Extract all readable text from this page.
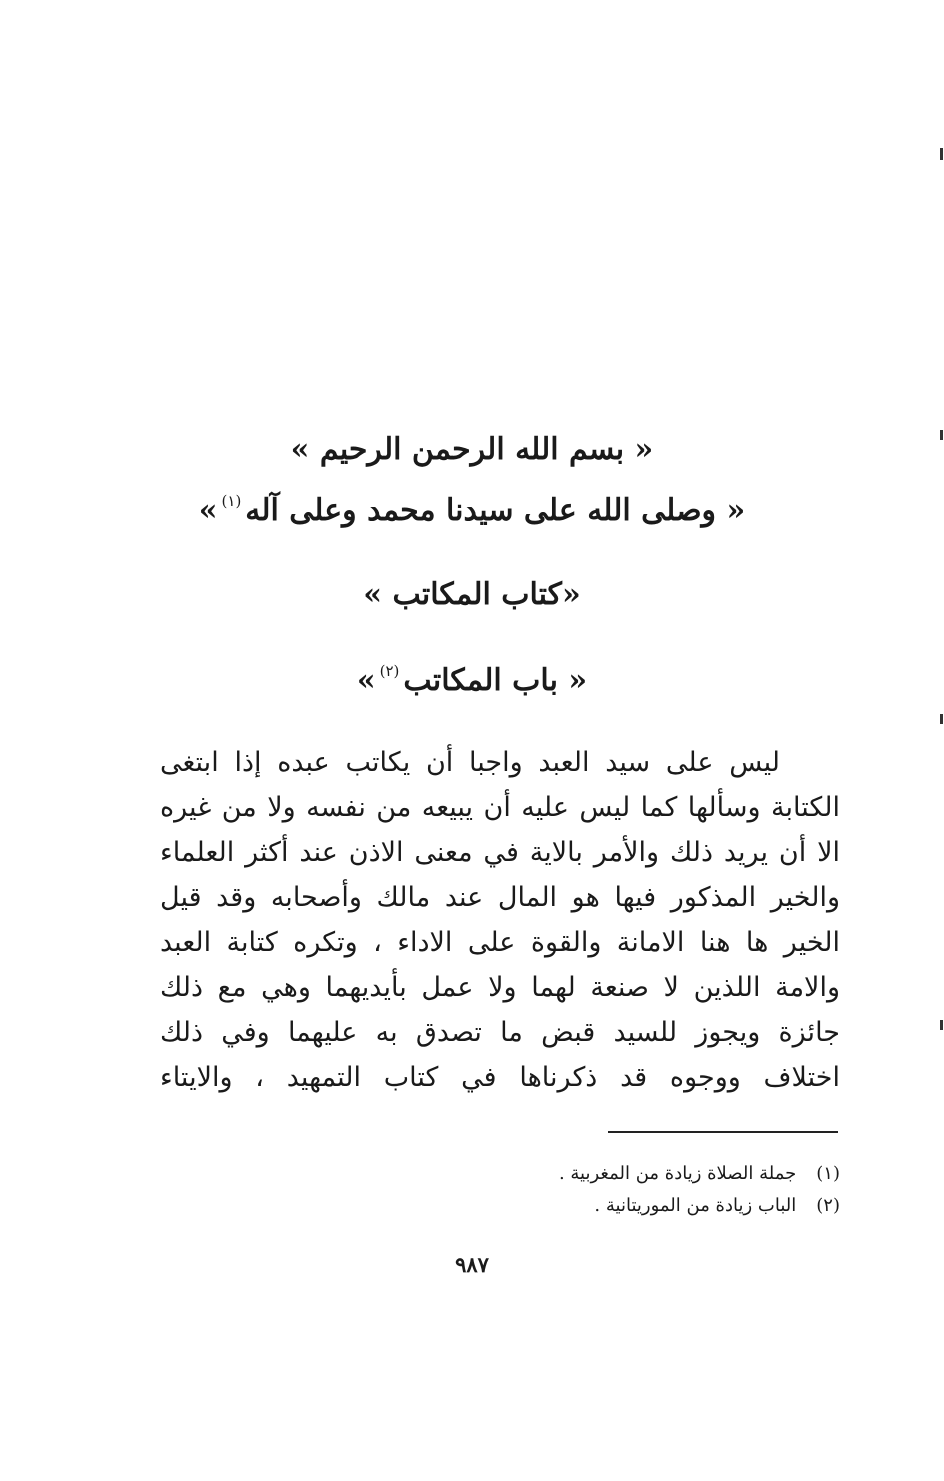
« بسم الله الرحمن الرحيم »
« وصلى الله على سيدنا محمد وعلى آله$^{(١)}$»
«كتاب المكاتب »
« باب المكاتب$^{(٢)}$»
ليس على سيد العبد واجبا أن يكاتب عبده إذا ابتغى
الكتابة وسألها كما ليس عليه أن يبيعه من نفسه ولا من غيره
الا أن يريد ذلك والأمر بالاية في معنى الاذن عند أكثر العلماء
والخير المذكور فيها هو المال عند مالك وأصحابه وقد قيل
الخير ها هنا الامانة والقوة على الاداء ، وتكره كتابة العبد
والامة اللذين لا صنعة لهما ولا عمل بأيديهما وهي مع ذلك
جائزة ويجوز للسيد قبض ما تصدق به عليهما وفي ذلك
اختلاف ووجوه قد ذكرناها في كتاب التمهيد ، والايتاء
(١) جملة الصلاة زيادة من المغربية .
(٢) الباب زيادة من الموريتانية .
٩٨٧
